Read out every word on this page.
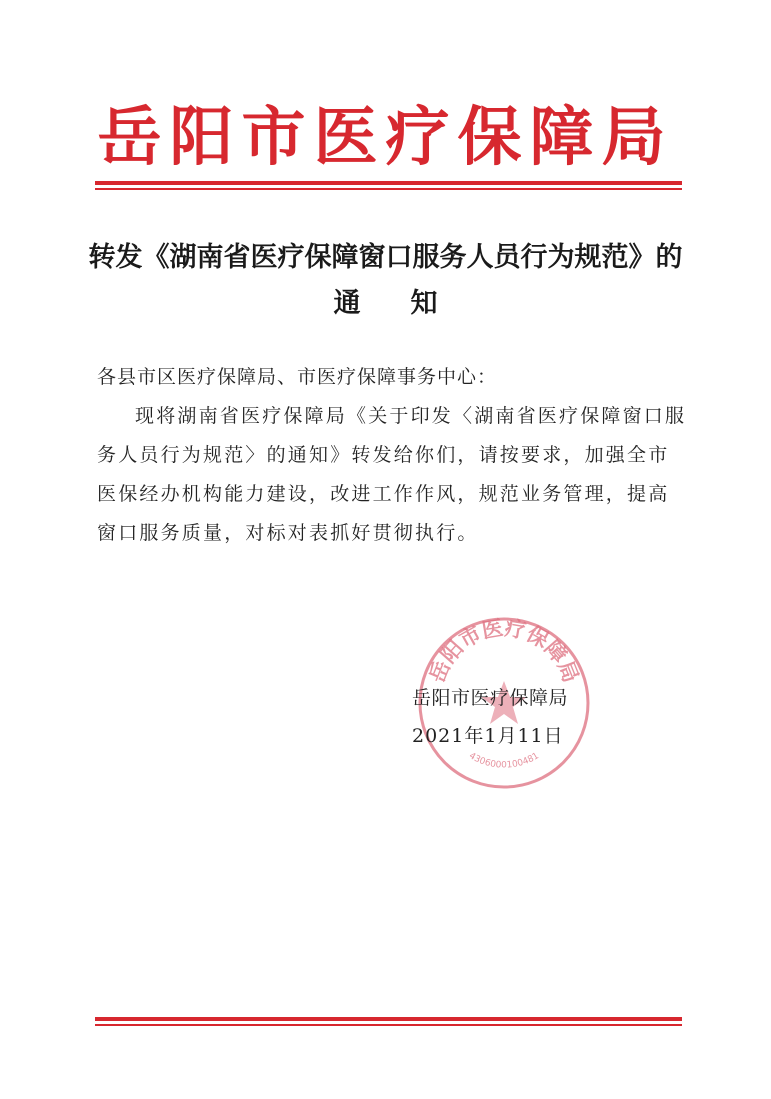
岳阳市医疗保障局
转发《湖南省医疗保障窗口服务人员行为规范》的
通 知
各县市区医疗保障局、市医疗保障事务中心：
现将湖南省医疗保障局《关于印发〈湖南省医疗保障窗口服务人员行为规范〉的通知》转发给你们，请按要求，加强全市医保经办机构能力建设，改进工作作风，规范业务管理，提高窗口服务质量，对标对表抓好贯彻执行。
岳阳市医疗保障局
4306000100481
岳阳市医疗保障局
2021年1月11日
